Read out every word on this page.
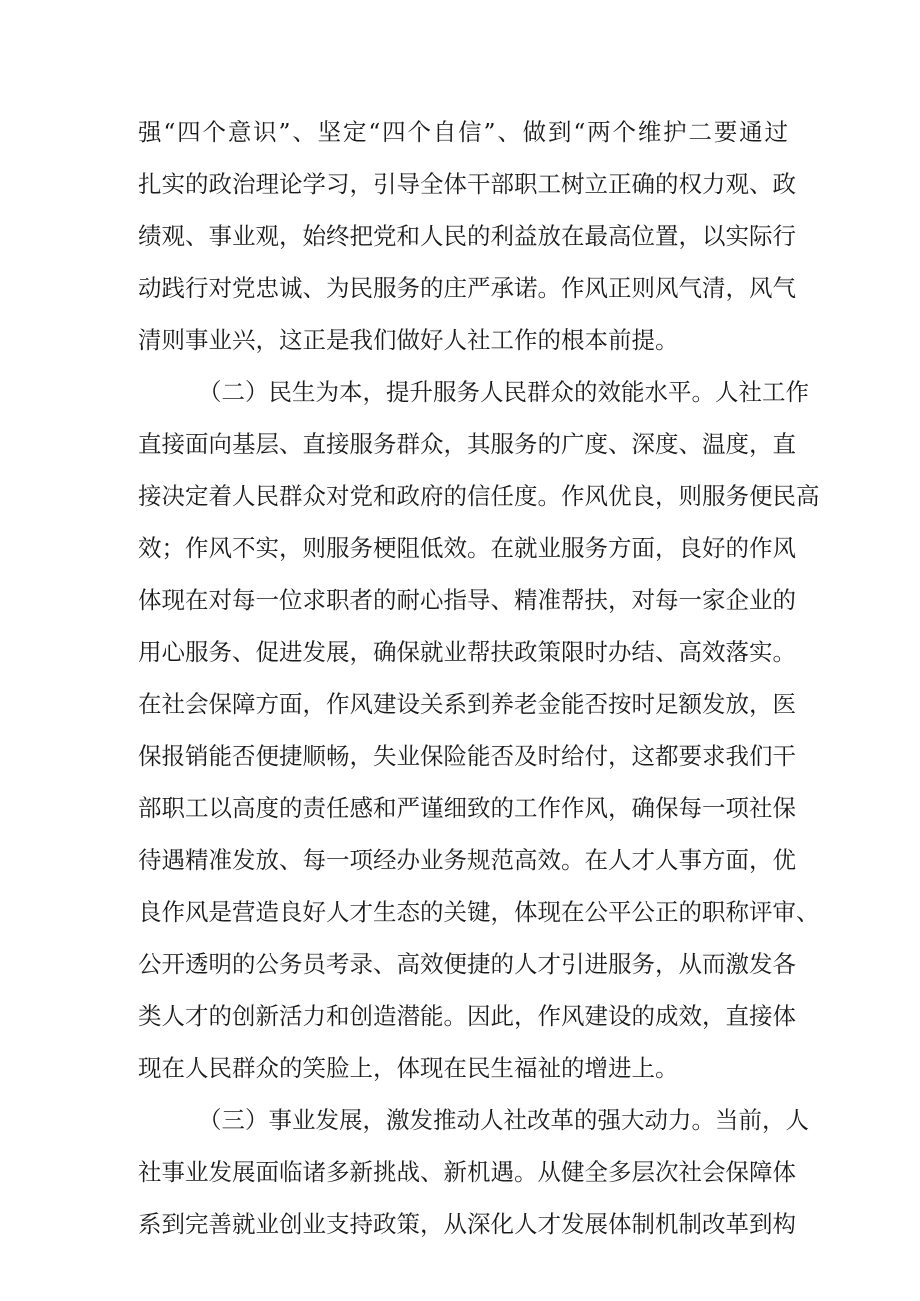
强“四个意识”、坚定“四个自信”、做到“两个维护二要通过

扎实的政治理论学习，引导全体干部职工树立正确的权力观、政

绩观、事业观，始终把党和人民的利益放在最高位置，以实际行

动践行对党忠诚、为民服务的庄严承诺。作风正则风气清，风气

清则事业兴，这正是我们做好人社工作的根本前提。

（二）民生为本，提升服务人民群众的效能水平。人社工作

直接面向基层、直接服务群众，其服务的广度、深度、温度，直

接决定着人民群众对党和政府的信任度。作风优良，则服务便民高

效；作风不实，则服务梗阻低效。在就业服务方面，良好的作风

体现在对每一位求职者的耐心指导、精准帮扶，对每一家企业的

用心服务、促进发展，确保就业帮扶政策限时办结、高效落实。

在社会保障方面，作风建设关系到养老金能否按时足额发放，医

保报销能否便捷顺畅，失业保险能否及时给付，这都要求我们干

部职工以高度的责任感和严谨细致的工作作风，确保每一项社保

待遇精准发放、每一项经办业务规范高效。在人才人事方面，优

良作风是营造良好人才生态的关键，体现在公平公正的职称评审、

公开透明的公务员考录、高效便捷的人才引进服务，从而激发各

类人才的创新活力和创造潜能。因此，作风建设的成效，直接体

现在人民群众的笑脸上，体现在民生福祉的增进上。

（三）事业发展，激发推动人社改革的强大动力。当前，人

社事业发展面临诸多新挑战、新机遇。从健全多层次社会保障体

系到完善就业创业支持政策，从深化人才发展体制机制改革到构
